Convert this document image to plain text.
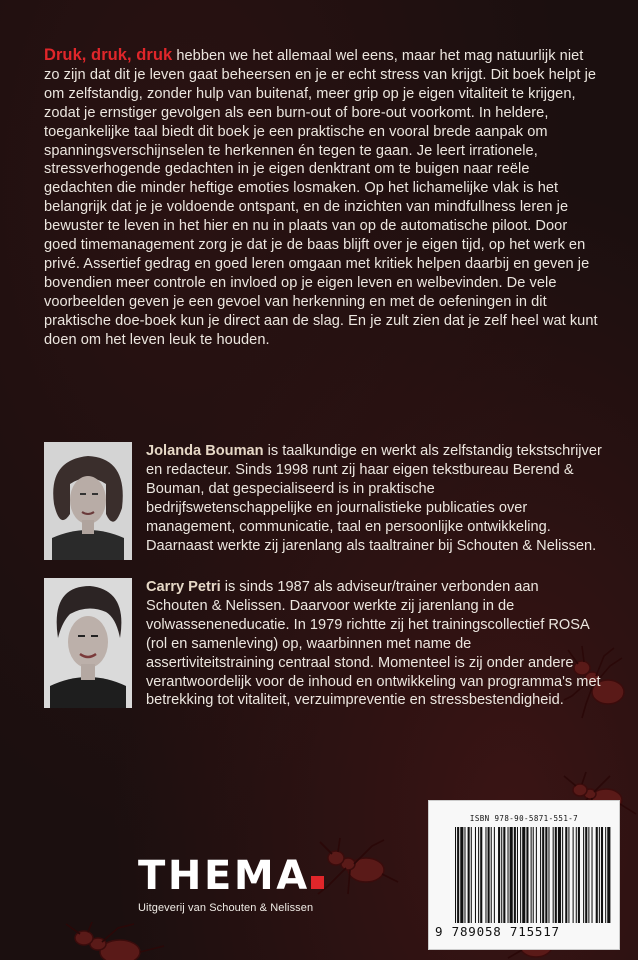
Druk, druk, druk hebben we het allemaal wel eens, maar het mag natuurlijk niet zo zijn dat dit je leven gaat beheersen en je er echt stress van krijgt. Dit boek helpt je om zelfstandig, zonder hulp van buitenaf, meer grip op je eigen vitaliteit te krijgen, zodat je ernstiger gevolgen als een burn-out of bore-out voorkomt. In heldere, toegankelijke taal biedt dit boek je een praktische en vooral brede aanpak om spanningsverschijnselen te herkennen én tegen te gaan. Je leert irrationele, stressverhogende gedachten in je eigen denktrant om te buigen naar reële gedachten die minder heftige emoties losmaken. Op het lichamelijke vlak is het belangrijk dat je je voldoende ontspant, en de inzichten van mindfullness leren je bewuster te leven in het hier en nu in plaats van op de automatische piloot. Door goed timemanagement zorg je dat je de baas blijft over je eigen tijd, op het werk en privé. Assertief gedrag en goed leren omgaan met kritiek helpen daarbij en geven je bovendien meer controle en invloed op je eigen leven en welbevinden. De vele voorbeelden geven je een gevoel van herkenning en met de oefeningen in dit praktische doe-boek kun je direct aan de slag. En je zult zien dat je zelf heel wat kunt doen om het leven leuk te houden.
Jolanda Bouman is taalkundige en werkt als zelfstandig tekstschrijver en redacteur. Sinds 1998 runt zij haar eigen tekstbureau Berend & Bouman, dat gespecialiseerd is in praktische bedrijfswetenschappelijke en journalistieke publicaties over management, communicatie, taal en persoonlijke ontwikkeling. Daarnaast werkte zij jarenlang als taaltrainer bij Schouten & Nelissen.
Carry Petri is sinds 1987 als adviseur/trainer verbonden aan Schouten & Nelissen. Daarvoor werkte zij jarenlang in de volwasseneneducatie. In 1979 richtte zij het trainingscollectief ROSA (rol en samenleving) op, waarbinnen met name de assertiviteitstraining centraal stond. Momenteel is zij onder andere verantwoordelijk voor de inhoud en ontwikkeling van programma's met betrekking tot vitaliteit, verzuimpreventie en stressbestendigheid.
ISBN 978-90-5871-551-7
9 789058 715517
THEMA
Uitgeverij van Schouten & Nelissen
